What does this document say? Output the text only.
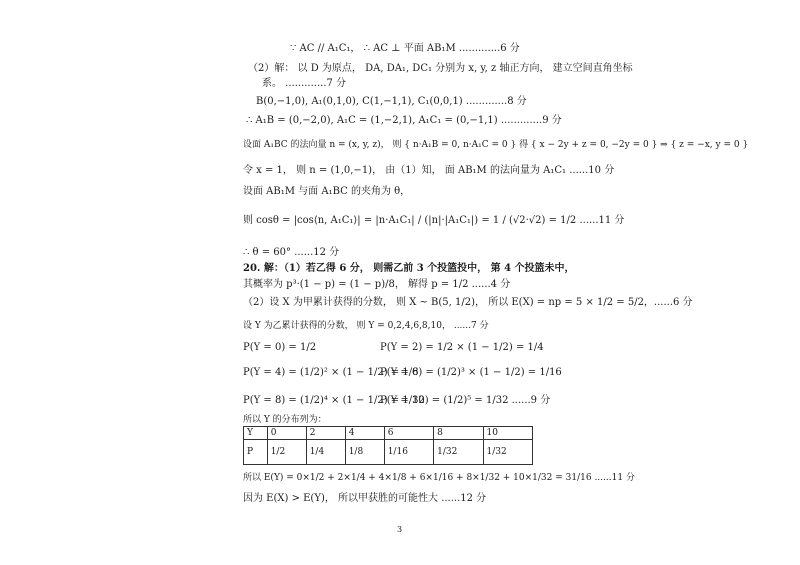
∵ AC // A₁C₁， ∴ AC ⊥ 平面 AB₁M .............6 分
（2）解： 以 D 为原点， DA, DA₁, DC₁ 分别为 x, y, z 轴正方向， 建立空间直角坐标
系。 .............7 分
B(0,−1,0), A₁(0,1,0), C(1,−1,1), C₁(0,0,1) .............8 分
∴ A₁B = (0,−2,0), A₁C = (1,−2,1), A₁C₁ = (0,−1,1) .............9 分
设面 A₁BC 的法向量 n = (x, y, z)， 则 { n·A₁B = 0, n·A₁C = 0 } 得 { x − 2y + z = 0, −2y = 0 } ⇒ { z = −x, y = 0 }
令 x = 1， 则 n = (1,0,−1)， 由（1）知， 面 AB₁M 的法向量为 A₁C₁ ......10 分
设面 AB₁M 与面 A₁BC 的夹角为 θ，
则 cosθ = |cos⟨n, A₁C₁⟩| = |n·A₁C₁| / (|n|·|A₁C₁|) = 1 / (√2·√2) = 1/2 ......11 分
∴ θ = 60° ......12 分
20. 解：（1）若乙得 6 分， 则需乙前 3 个投篮投中， 第 4 个投篮未中，
其概率为 p³·(1 − p) = (1 − p)/8， 解得 p = 1/2 ......4 分
（2）设 X 为甲累计获得的分数， 则 X ~ B(5, 1/2)， 所以 E(X) = np = 5 × 1/2 = 5/2，......6 分
设 Y 为乙累计获得的分数， 则 Y = 0,2,4,6,8,10， ......7 分
P(Y = 0) = 1/2	P(Y = 2) = 1/2 × (1 − 1/2) = 1/4
P(Y = 4) = (1/2)² × (1 − 1/2) = 1/8
P(Y = 6) = (1/2)³ × (1 − 1/2) = 1/16
P(Y = 8) = (1/2)⁴ × (1 − 1/2) = 1/32
P(Y = 10) = (1/2)⁵ = 1/32 ......9 分
所以 Y 的分布列为：
Y	0	2	4	6	8	10
P	1/2	1/4	1/8	1/16	1/32	1/32
所以 E(Y) = 0×1/2 + 2×1/4 + 4×1/8 + 6×1/16 + 8×1/32 + 10×1/32 = 31/16 ......11 分
因为 E(X) > E(Y)， 所以甲获胜的可能性大 ......12 分
3
